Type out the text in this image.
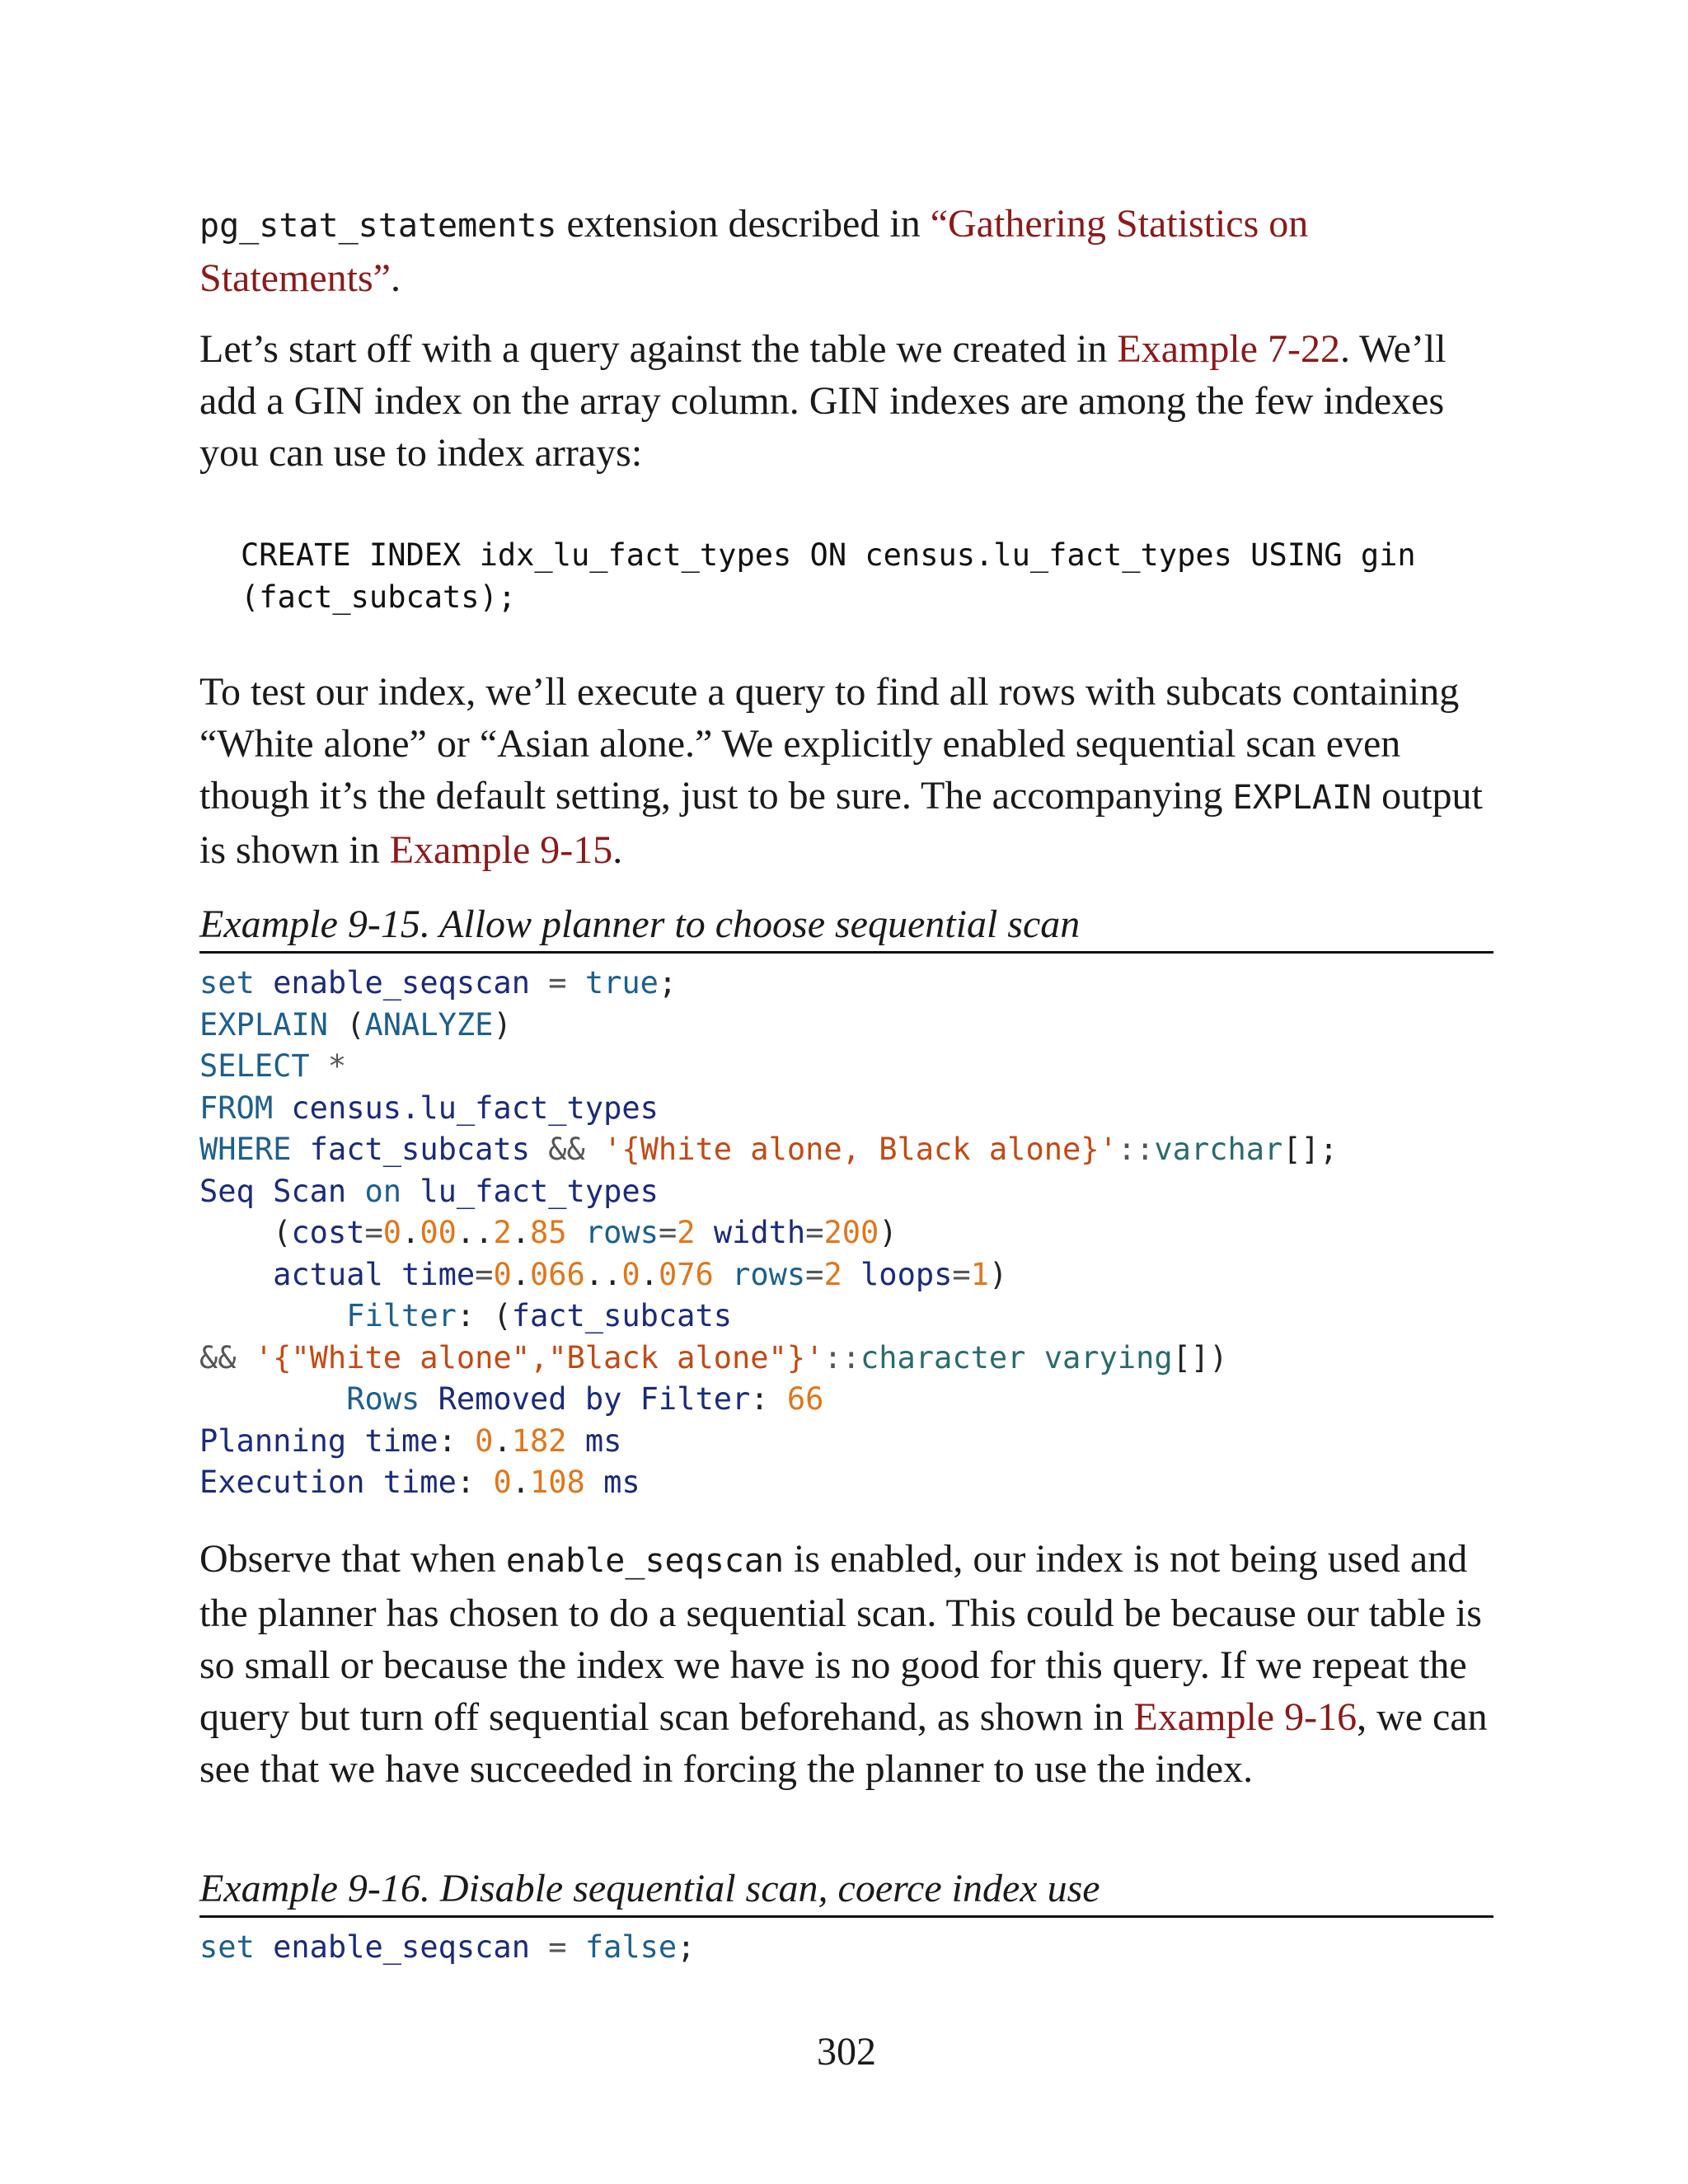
pg_stat_statements extension described in “Gathering Statistics on Statements”.

Let’s start off with a query against the table we created in Example 7-22. We’ll add a GIN index on the array column. GIN indexes are among the few indexes you can use to index arrays:

CREATE INDEX idx_lu_fact_types ON census.lu_fact_types USING gin
(fact_subcats);

To test our index, we’ll execute a query to find all rows with subcats containing “White alone” or “Asian alone.” We explicitly enabled sequential scan even though it’s the default setting, just to be sure. The accompanying EXPLAIN output is shown in Example 9-15.

Example 9-15. Allow planner to choose sequential scan

set enable_seqscan = true;
EXPLAIN (ANALYZE)
SELECT *
FROM census.lu_fact_types
WHERE fact_subcats && '{White alone, Black alone}'::varchar[];
Seq Scan on lu_fact_types
(cost=0.00..2.85 rows=2 width=200)
actual time=0.066..0.076 rows=2 loops=1)
Filter: (fact_subcats
&& '{"White alone","Black alone"}'::character varying[])
Rows Removed by Filter: 66
Planning time: 0.182 ms
Execution time: 0.108 ms

Observe that when enable_seqscan is enabled, our index is not being used and the planner has chosen to do a sequential scan. This could be because our table is so small or because the index we have is no good for this query. If we repeat the query but turn off sequential scan beforehand, as shown in Example 9-16, we can see that we have succeeded in forcing the planner to use the index.

Example 9-16. Disable sequential scan, coerce index use

set enable_seqscan = false;

302
